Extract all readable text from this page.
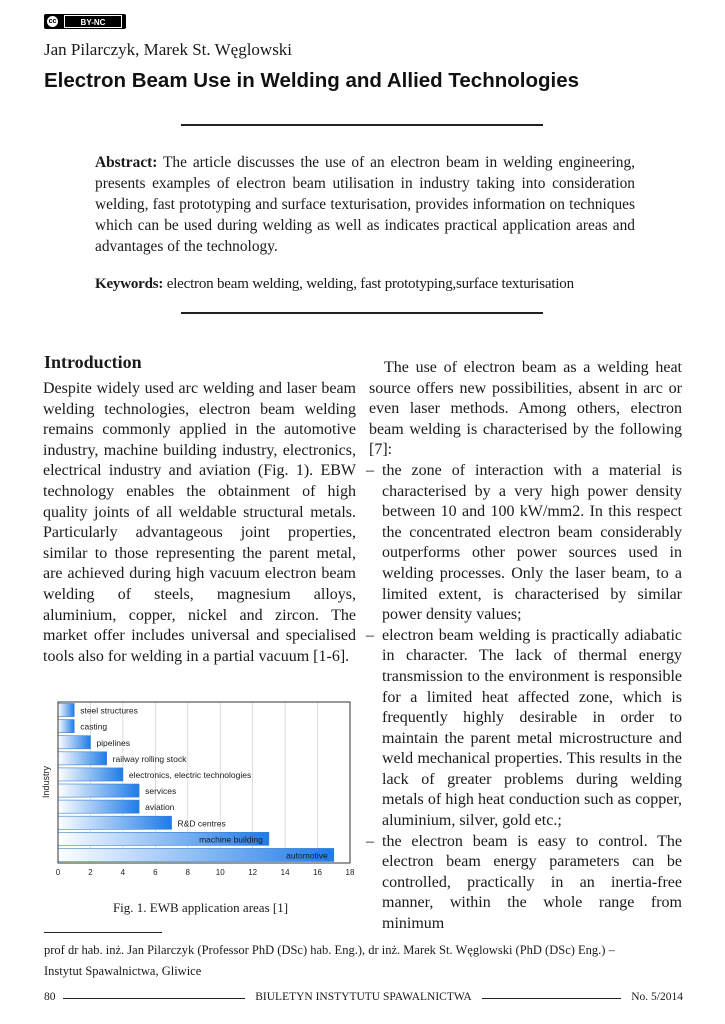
cc	BY-NC
Jan Pilarczyk, Marek St. Węglowski
Electron Beam Use in Welding and Allied Technologies
Abstract: The article discusses the use of an electron beam in welding engineering, presents examples of electron beam utilisation in industry taking into consideration welding, fast prototyping and surface texturisation, provides information on techniques which can be used during welding as well as indicates practical application areas and advantages of the technology.
Keywords: electron beam welding, welding, fast prototyping,surface texturisation
Introduction

Despite widely used arc welding and laser beam welding technologies, electron beam welding remains commonly applied in the automotive industry, machine building industry, electronics, electrical industry and aviation (Fig. 1). EBW technology enables the obtainment of high quality joints of all weldable structural metals. Particularly advantageous joint properties, similar to those representing the parent metal, are achieved during high vacuum electron beam welding of steels, magnesium alloys, aluminium, copper, nickel and zircon. The market offer includes universal and specialised tools also for welding in a partial vacuum [1-6].

The use of electron beam as a welding heat source offers new possibilities, absent in arc or even laser methods. Among others, electron beam welding is characterised by the following [7]:

– the zone of interaction with a material is characterised by a very high power density between 10 and 100 kW/mm2. In this respect the concentrated electron beam considerably outperforms other power sources used in welding processes. Only the laser beam, to a limited extent, is characterised by similar power density values;
– electron beam welding is practically adiabatic in character. The lack of thermal energy transmission to the environment is responsible for a limited heat affected zone, which is frequently highly desirable in order to maintain the parent metal microstructure and weld mechanical properties. This results in the lack of greater problems during welding metals of high heat conduction such as copper, aluminium, silver, gold etc.;
– the electron beam is easy to control. The electron beam energy parameters can be controlled, practically in an inertia-free manner, within the whole range from minimum
steel structures
casting
pipelines
railway rolling stock
electronics, electric technologies
services
aviation
R&D centres
machine building
automotive
0	2	4	6	8	10	12	14	16	18
Industry
Fig. 1. EWB application areas [1]
prof dr hab. inż. Jan Pilarczyk (Professor PhD (DSc) hab. Eng.), dr inż. Marek St. Węglowski (PhD (DSc) Eng.) –
Instytut Spawalnictwa, Gliwice
80	BIULETYN INSTYTUTU SPAWALNICTWA	No. 5/2014
